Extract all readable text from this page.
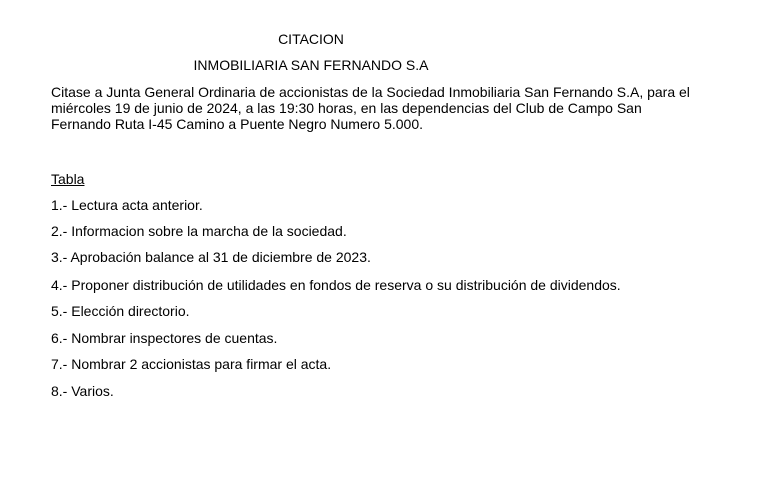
CITACION
INMOBILIARIA SAN FERNANDO S.A

Citase a Junta General Ordinaria de accionistas de la Sociedad Inmobiliaria San Fernando S.A, para el
miércoles 19 de junio de 2024, a las 19:30 horas, en las dependencias del Club de Campo San
Fernando Ruta I-45 Camino a Puente Negro Numero 5.000.

Tabla
1.- Lectura acta anterior.
2.- Informacion sobre la marcha de la sociedad.
3.- Aprobación balance al 31 de diciembre de 2023.
4.- Proponer distribución de utilidades en fondos de reserva o su distribución de dividendos.
5.- Elección directorio.
6.- Nombrar inspectores de cuentas.
7.- Nombrar 2 accionistas para firmar el acta.
8.- Varios.
